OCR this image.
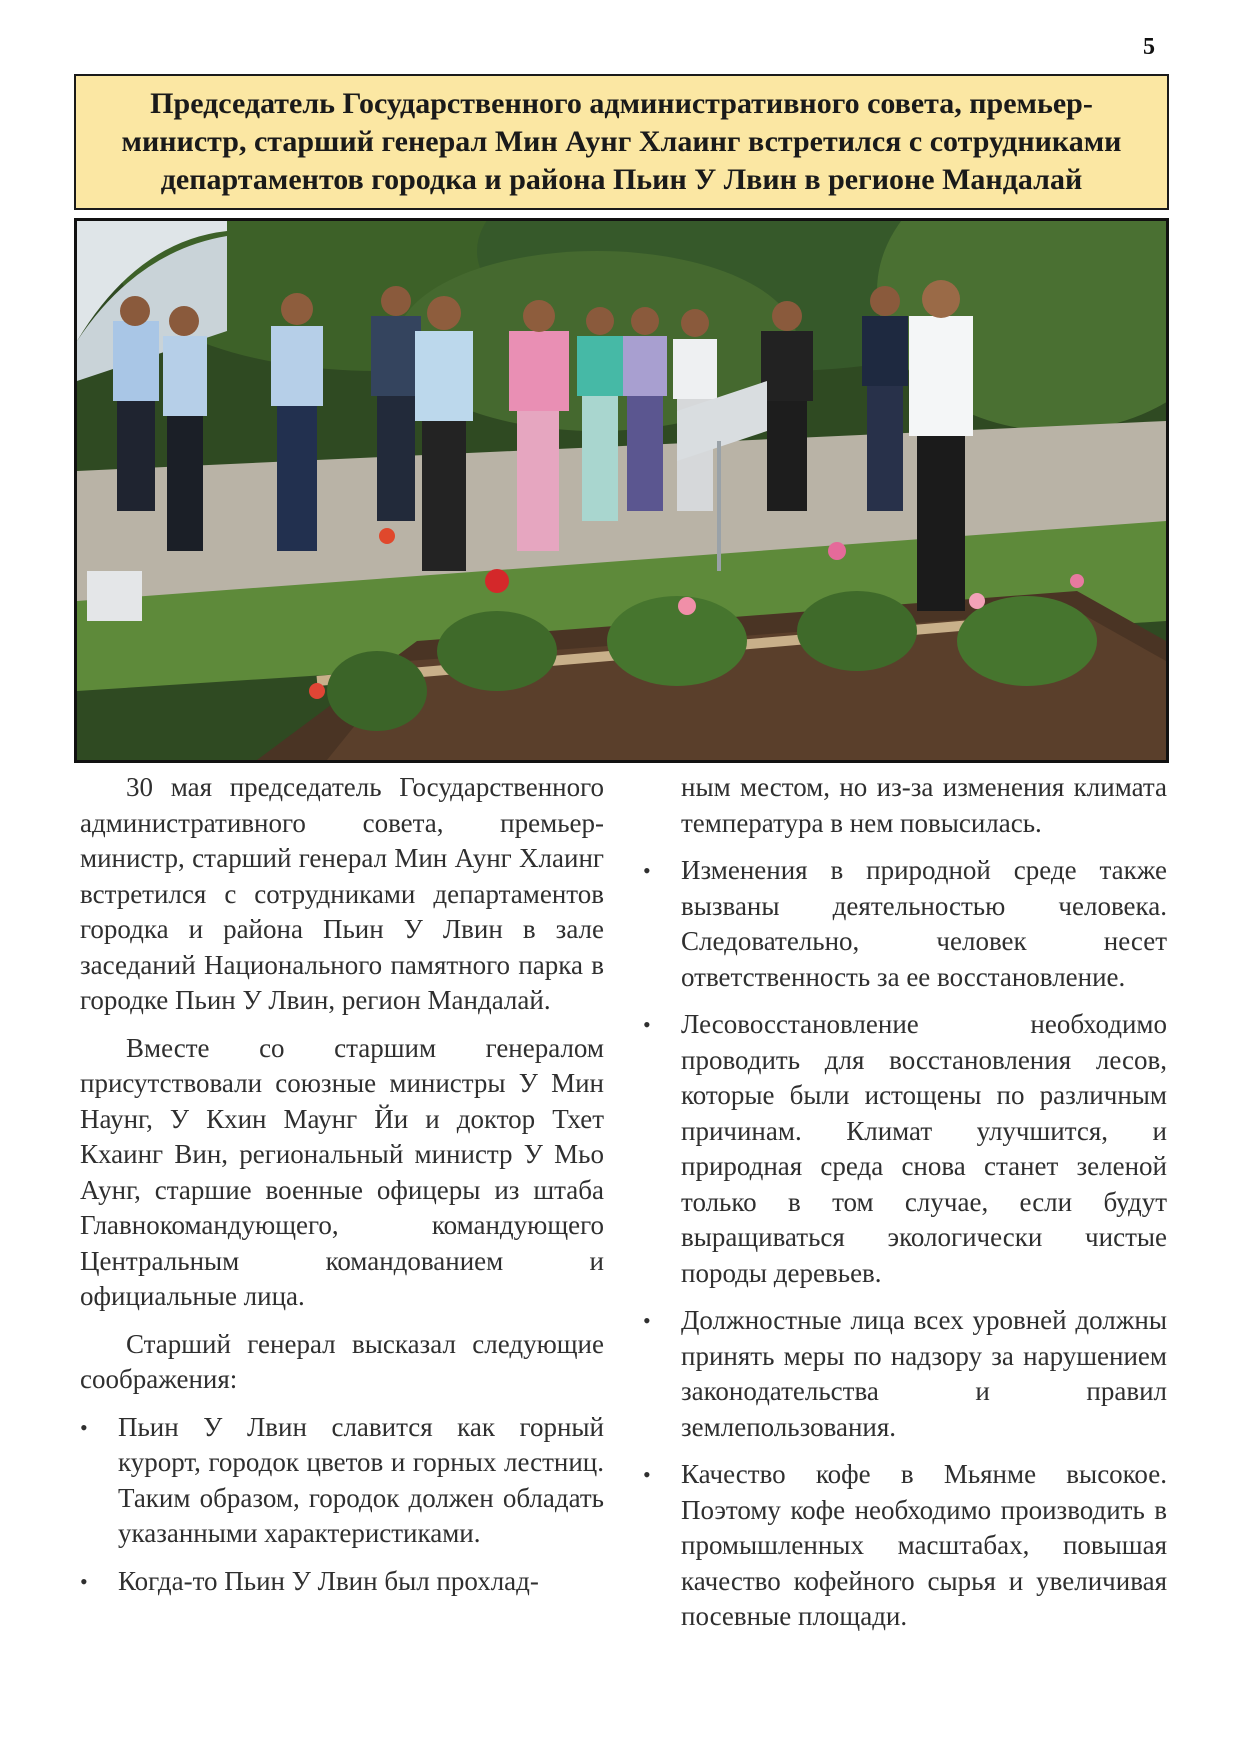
5
Председатель Государственного административного совета, премьер-
министр, старший генерал Мин Аунг Хлаинг встретился с сотрудниками
департаментов городка и района Пьин У Лвин в регионе Мандалай

30 мая председатель Государственного административного совета, премьер-министр, старший генерал Мин Аунг Хлаинг встретился с сотрудниками департаментов городка и района Пьин У Лвин в зале заседаний Национального памятного парка в городке Пьин У Лвин, регион Мандалай.

Вместе со старшим генералом присутствовали союзные министры У Мин Наунг, У Кхин Маунг Йи и доктор Тхет Кхаинг Вин, региональный министр У Мьо Аунг, старшие военные офицеры из штаба Главнокомандующего, командующего Центральным командованием и официальные лица.

Старший генерал высказал следующие соображения:

•	Пьин У Лвин славится как горный курорт, городок цветов и горных лестниц. Таким образом, городок должен обладать указанными характеристиками.
•	Когда-то Пьин У Лвин был прохлад-

ным местом, но из-за изменения климата температура в нем повысилась.

•	Изменения в природной среде также вызваны деятельностью человека. Следовательно, человек несет ответственность за ее восстановление.
•	Лесовосстановление необходимо проводить для восстановления лесов, которые были истощены по различным причинам. Климат улучшится, и природная среда снова станет зеленой только в том случае, если будут выращиваться экологически чистые породы деревьев.
•	Должностные лица всех уровней должны принять меры по надзору за нарушением законодательства и правил землепользования.
•	Качество кофе в Мьянме высокое. Поэтому кофе необходимо производить в промышленных масштабах, повышая качество кофейного сырья и увеличивая посевные площади.
